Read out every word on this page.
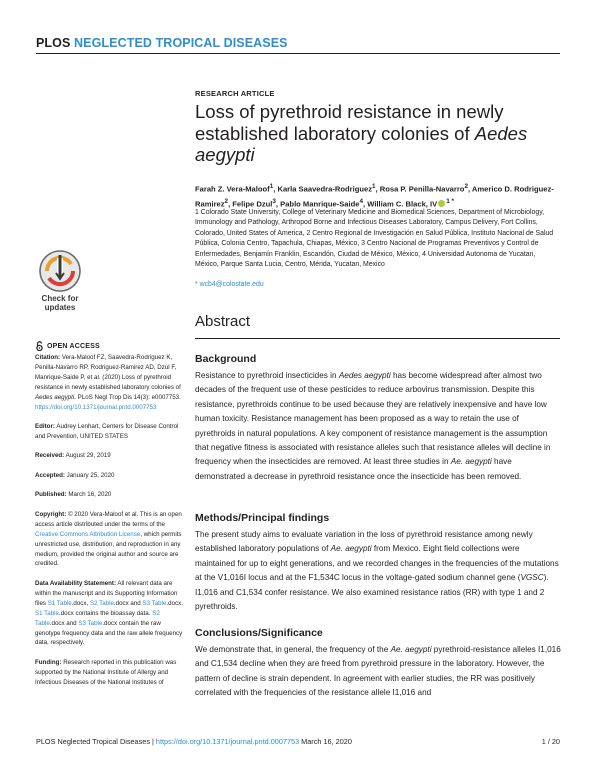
PLOS NEGLECTED TROPICAL DISEASES
RESEARCH ARTICLE
Loss of pyrethroid resistance in newly established laboratory colonies of Aedes aegypti
Farah Z. Vera-Maloof$^1$, Karla Saavedra-Rodriguez$^1$, Rosa P. Penilla-Navarro$^2$, Americo D. Rodriguez-Ramirez$^2$, Felipe Dzul$^3$, Pablo Manrique-Saide$^4$, William C. Black, IV $^{1 *}$
1 Colorado State University, College of Veterinary Medicine and Biomedical Sciences, Department of Microbiology, Immunology and Pathology, Arthropod Borne and Infectious Diseases Laboratory, Campus Delivery, Fort Collins, Colorado, United States of America, 2 Centro Regional de Investigación en Salud Pública, Instituto Nacional de Salud Pública, Colonia Centro, Tapachula, Chiapas, México, 3 Centro Nacional de Programas Preventivos y Control de Enfermedades, Benjamín Franklin, Escandón, Ciudad de México, México, 4 Universidad Autonoma de Yucatan, México, Parque Santa Lucia, Centro, Mérida, Yucatan, Mexico
* wcb4@colostate.edu
Check for
updates
OPEN ACCESS

Citation: Vera-Maloof FZ, Saavedra-Rodriguez K, Penilla-Navarro RP, Rodriguez-Ramirez AD, Dzul F, Manrique-Saide P, et al. (2020) Loss of pyrethroid resistance in newly established laboratory colonies of Aedes aegypti. PLoS Negl Trop Dis 14(3): e0007753. https://doi.org/10.1371/journal.pntd.0007753

Editor: Audrey Lenhart, Centers for Disease Control and Prevention, UNITED STATES

Received: August 29, 2019

Accepted: January 25, 2020

Published: March 16, 2020

Copyright: © 2020 Vera-Maloof et al. This is an open access article distributed under the terms of the Creative Commons Attribution License, which permits unrestricted use, distribution, and reproduction in any medium, provided the original author and source are credited.

Data Availability Statement: All relevant data are within the manuscript and its Supporting Information files S1 Table.docx, S2 Table.docx and S3 Table.docx. S1 Table.docx contains the bioassay data. S2 Table.docx and S3 Table.docx contain the raw genotype frequency data and the raw allele frequency data, respectively.

Funding: Research reported in this publication was supported by the National Institute of Allergy and Infectious Diseases of the National Institutes of

Abstract
Background

Resistance to pyrethroid insecticides in Aedes aegypti has become widespread after almost two decades of the frequent use of these pesticides to reduce arbovirus transmission. Despite this resistance, pyrethroids continue to be used because they are relatively inexpensive and have low human toxicity. Resistance management has been proposed as a way to retain the use of pyrethroids in natural populations. A key component of resistance management is the assumption that negative fitness is associated with resistance alleles such that resistance alleles will decline in frequency when the insecticides are removed. At least three studies in Ae. aegypti have demonstrated a decrease in pyrethroid resistance once the insecticide has been removed.

Methods/Principal findings

The present study aims to evaluate variation in the loss of pyrethroid resistance among newly established laboratory populations of Ae. aegypti from Mexico. Eight field collections were maintained for up to eight generations, and we recorded changes in the frequencies of the mutations at the V1,016I locus and at the F1,534C locus in the voltage-gated sodium channel gene (VGSC). I1,016 and C1,534 confer resistance. We also examined resistance ratios (RR) with type 1 and 2 pyrethroids.

Conclusions/Significance

We demonstrate that, in general, the frequency of the Ae. aegypti pyrethroid-resistance alleles I1,016 and C1,534 decline when they are freed from pyrethroid pressure in the laboratory. However, the pattern of decline is strain dependent. In agreement with earlier studies, the RR was positively correlated with the frequencies of the resistance allele I1,016 and

PLOS Neglected Tropical Diseases | https://doi.org/10.1371/journal.pntd.0007753 March 16, 2020	1 / 20
